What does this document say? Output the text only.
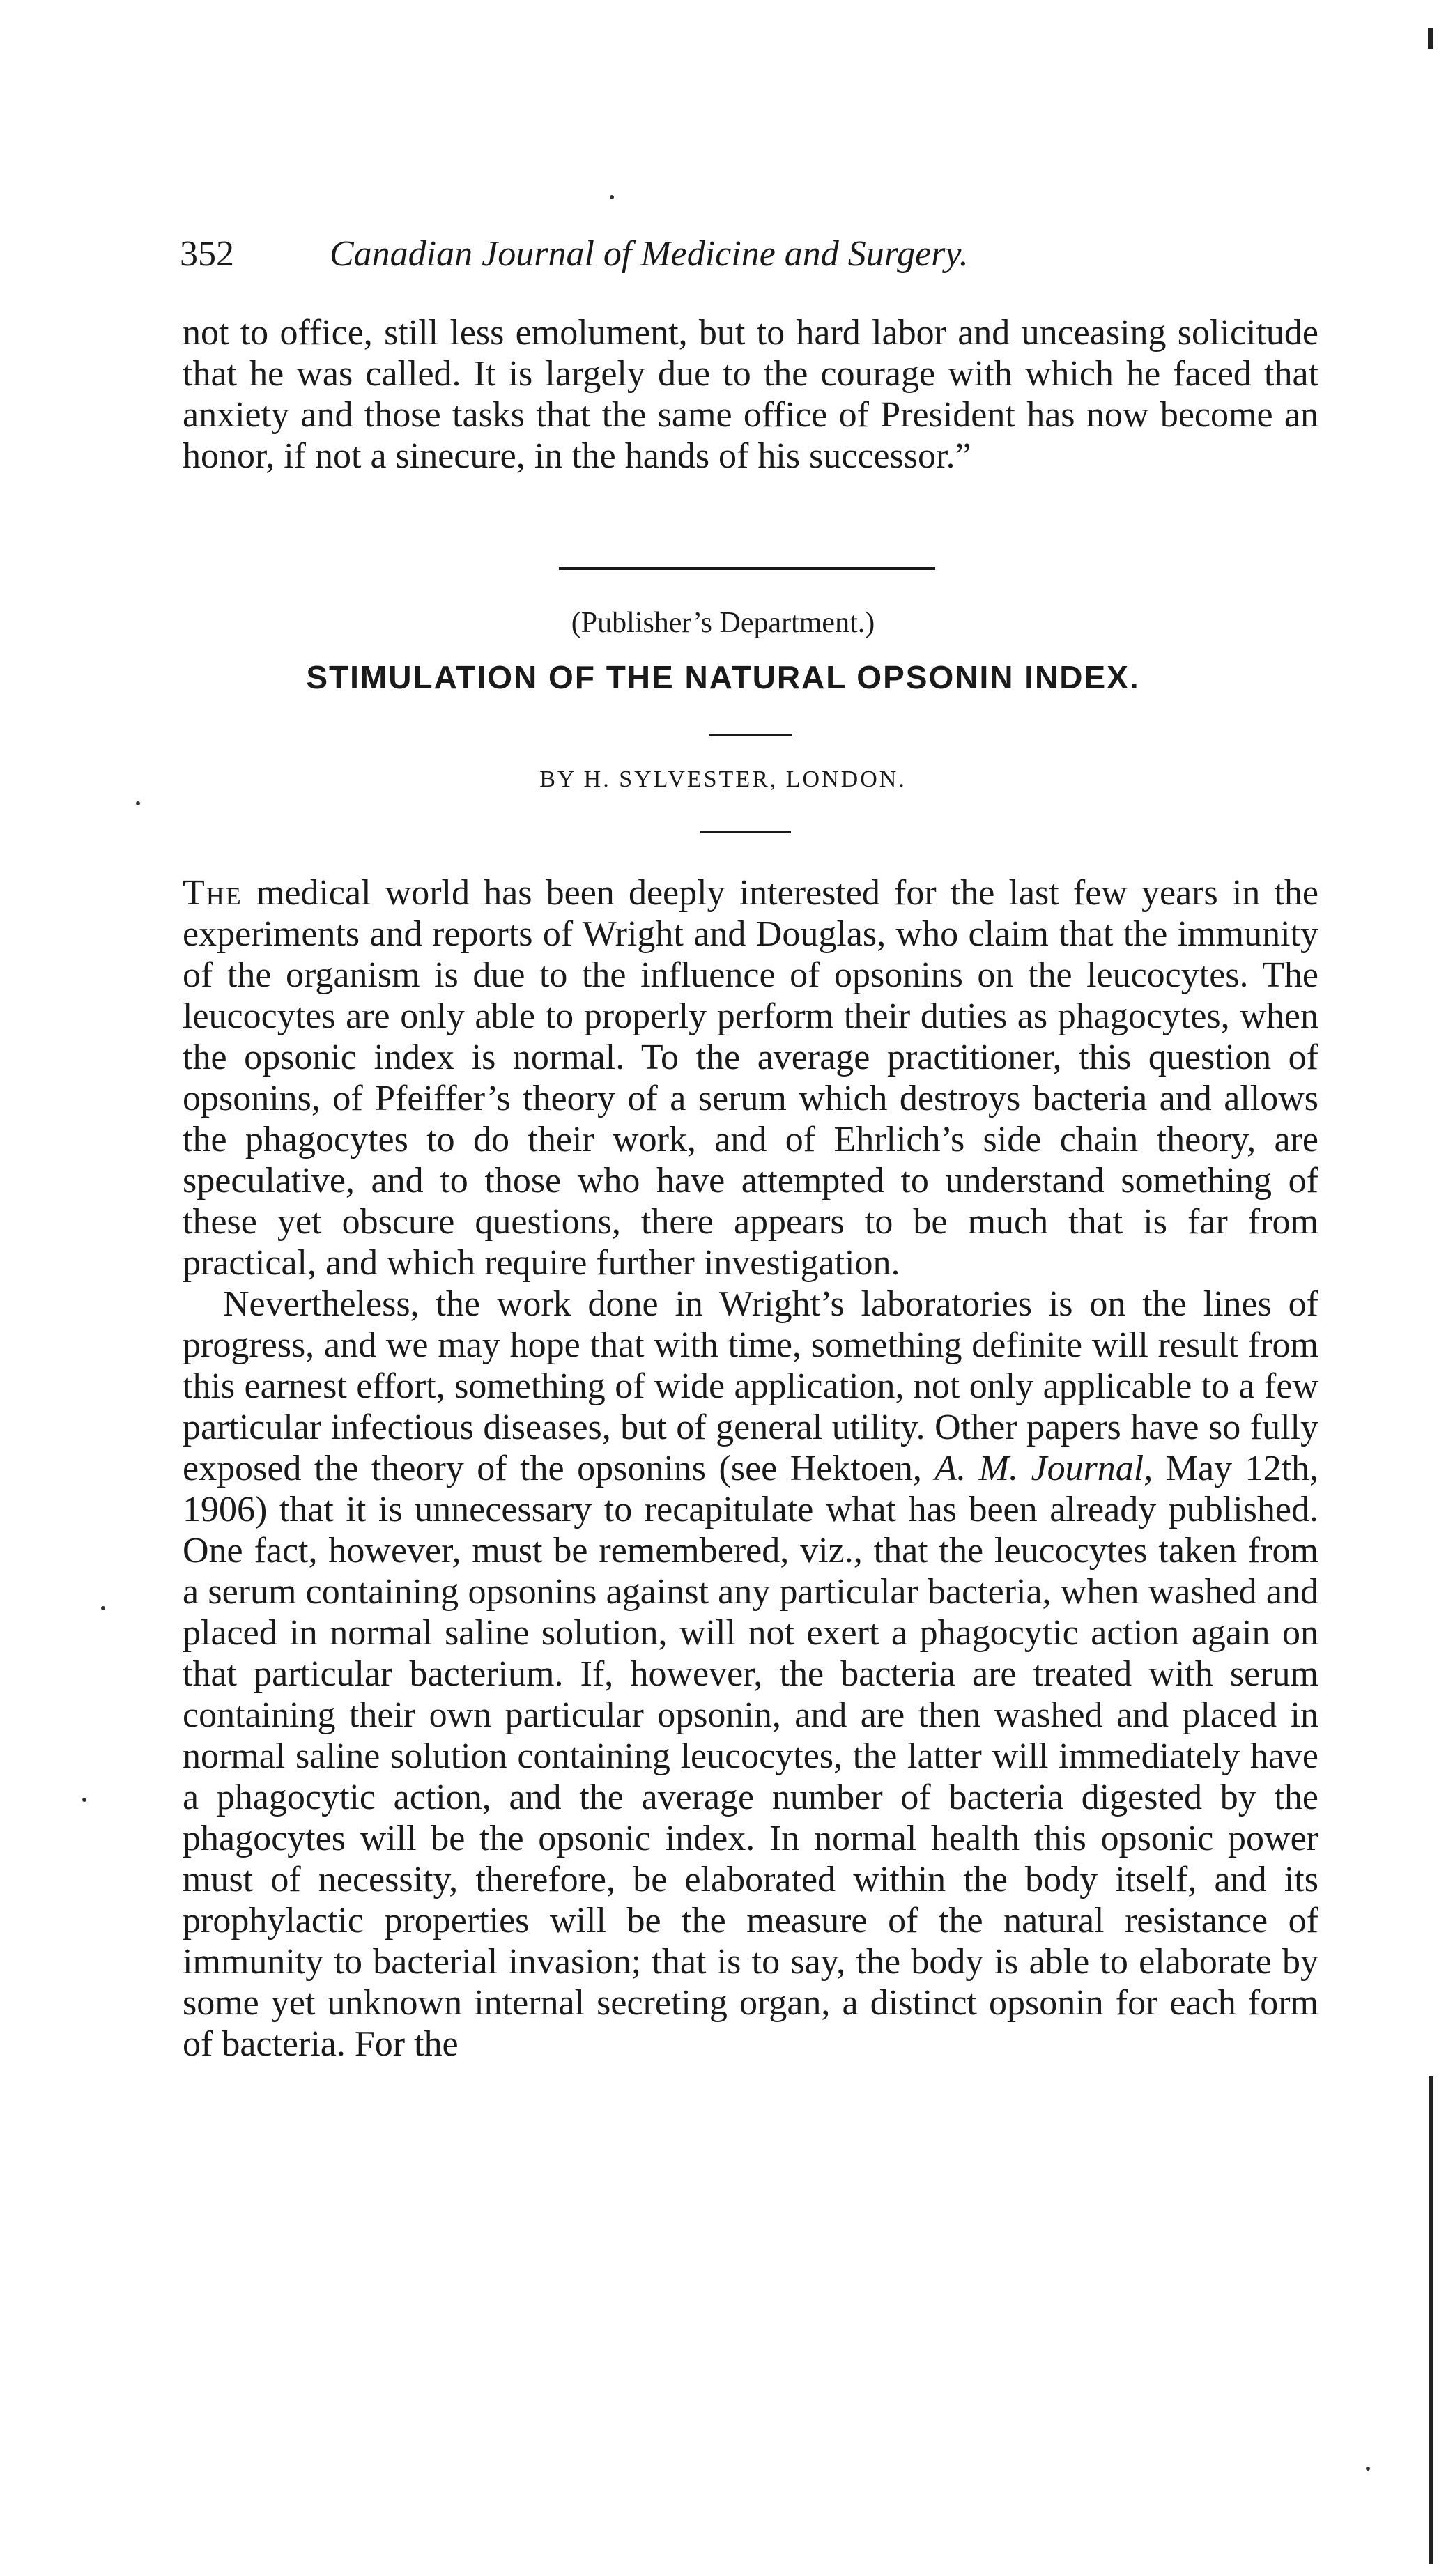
352	Canadian Journal of Medicine and Surgery.

not to office, still less emolument, but to hard labor and unceasing solicitude that he was called. It is largely due to the courage with which he faced that anxiety and those tasks that the same office of President has now become an honor, if not a sinecure, in the hands of his successor.”

(Publisher’s Department.)
STIMULATION OF THE NATURAL OPSONIN INDEX.
BY H. SYLVESTER, LONDON.

The medical world has been deeply interested for the last few years in the experiments and reports of Wright and Douglas, who claim that the immunity of the organism is due to the influence of opsonins on the leucocytes. The leucocytes are only able to properly perform their duties as phagocytes, when the opsonic index is normal. To the average practitioner, this question of opsonins, of Pfeiffer’s theory of a serum which destroys bacteria and allows the phagocytes to do their work, and of Ehrlich’s side chain theory, are speculative, and to those who have attempted to understand something of these yet obscure questions, there appears to be much that is far from practical, and which require further investigation.

Nevertheless, the work done in Wright’s laboratories is on the lines of progress, and we may hope that with time, something definite will result from this earnest effort, something of wide application, not only applicable to a few particular infectious diseases, but of general utility. Other papers have so fully exposed the theory of the opsonins (see Hektoen, A. M. Journal, May 12th, 1906) that it is unnecessary to recapitulate what has been already published. One fact, however, must be remembered, viz., that the leucocytes taken from a serum containing opsonins against any particular bacteria, when washed and placed in normal saline solution, will not exert a phagocytic action again on that particular bacterium. If, however, the bacteria are treated with serum containing their own particular opsonin, and are then washed and placed in normal saline solution containing leucocytes, the latter will immediately have a phagocytic action, and the average number of bacteria digested by the phagocytes will be the opsonic index. In normal health this opsonic power must of necessity, therefore, be elaborated within the body itself, and its prophylactic properties will be the measure of the natural resistance of immunity to bacterial invasion; that is to say, the body is able to elaborate by some yet unknown internal secreting organ, a distinct opsonin for each form of bacteria. For the
